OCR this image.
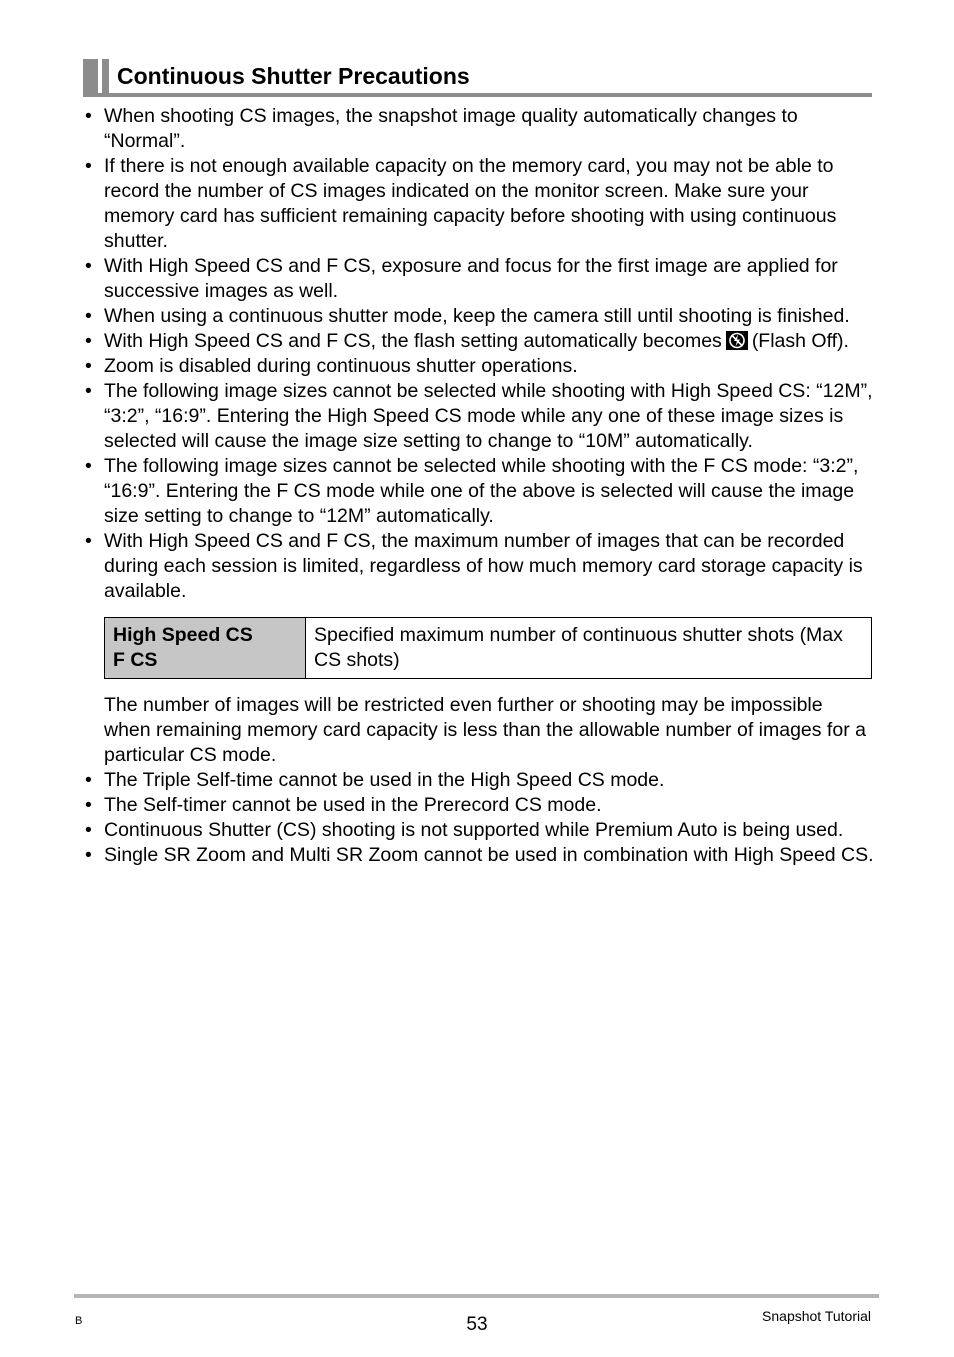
Continuous Shutter Precautions
• When shooting CS images, the snapshot image quality automatically changes to “Normal”.
• If there is not enough available capacity on the memory card, you may not be able to record the number of CS images indicated on the monitor screen. Make sure your memory card has sufficient remaining capacity before shooting with using continuous shutter.
• With High Speed CS and F CS, exposure and focus for the first image are applied for successive images as well.
• When using a continuous shutter mode, keep the camera still until shooting is finished.
• With High Speed CS and F CS, the flash setting automatically becomes (Flash Off).
• Zoom is disabled during continuous shutter operations.
• The following image sizes cannot be selected while shooting with High Speed CS: “12M”, “3:2”, “16:9”. Entering the High Speed CS mode while any one of these image sizes is selected will cause the image size setting to change to “10M” automatically.
• The following image sizes cannot be selected while shooting with the F CS mode: “3:2”, “16:9”. Entering the F CS mode while one of the above is selected will cause the image size setting to change to “12M” automatically.
• With High Speed CS and F CS, the maximum number of images that can be recorded during each session is limited, regardless of how much memory card storage capacity is available.
High Speed CS
F CS
	Specified maximum number of continuous shutter shots (Max CS shots)
The number of images will be restricted even further or shooting may be impossible when remaining memory card capacity is less than the allowable number of images for a particular CS mode.
• The Triple Self-time cannot be used in the High Speed CS mode.
• The Self-timer cannot be used in the Prerecord CS mode.
• Continuous Shutter (CS) shooting is not supported while Premium Auto is being used.
• Single SR Zoom and Multi SR Zoom cannot be used in combination with High Speed CS.
B	53	Snapshot Tutorial
